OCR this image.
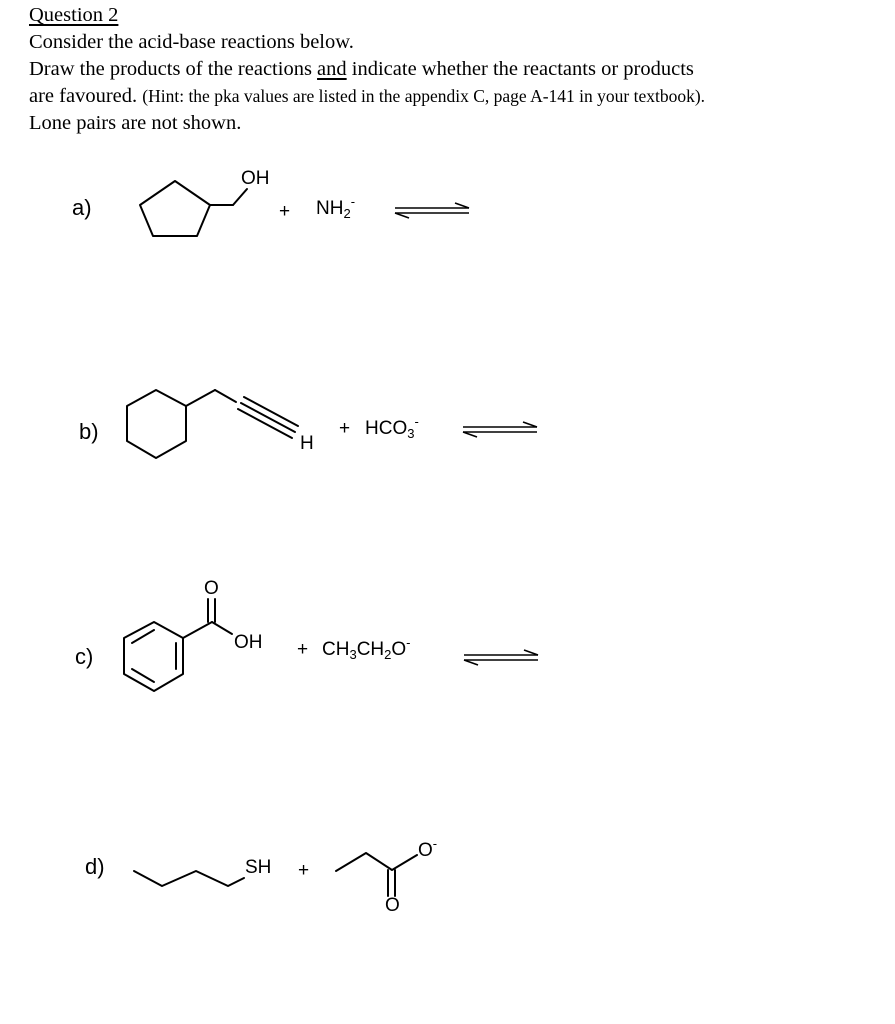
Question 2
Consider the acid-base reactions below.
Draw the products of the reactions and indicate whether the reactants or products
are favoured. (Hint: the pka values are listed in the appendix C, page A-141 in your textbook).
Lone pairs are not shown.
a)
OH
+ $NH_2^-$
b)	H
+ $HCO_3^-$
c)
O
OH + $CH_3CH_2O^-$
d)	SH +
O-
O
